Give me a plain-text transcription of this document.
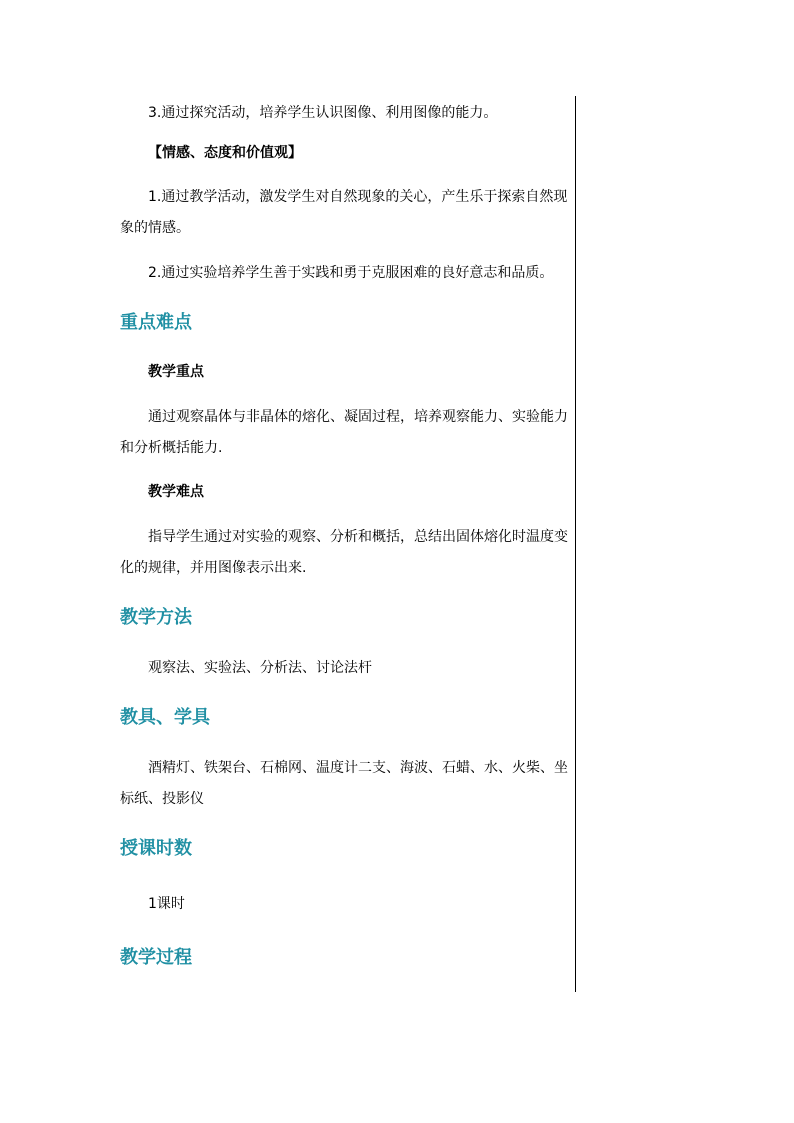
3.通过探究活动，培养学生认识图像、利用图像的能力。
【情感、态度和价值观】
1.通过教学活动，激发学生对自然现象的关心，产生乐于探索自然现
象的情感。
2.通过实验培养学生善于实践和勇于克服困难的良好意志和品质。
重点难点
教学重点
通过观察晶体与非晶体的熔化、凝固过程，培养观察能力、实验能力
和分析概括能力.
教学难点
指导学生通过对实验的观察、分析和概括，总结出固体熔化时温度变
化的规律，并用图像表示出来.
教学方法
观察法、实验法、分析法、讨论法杆
教具、学具
酒精灯、铁架台、石棉网、温度计二支、海波、石蜡、水、火柴、坐
标纸、投影仪
授课时数
1课时
教学过程
